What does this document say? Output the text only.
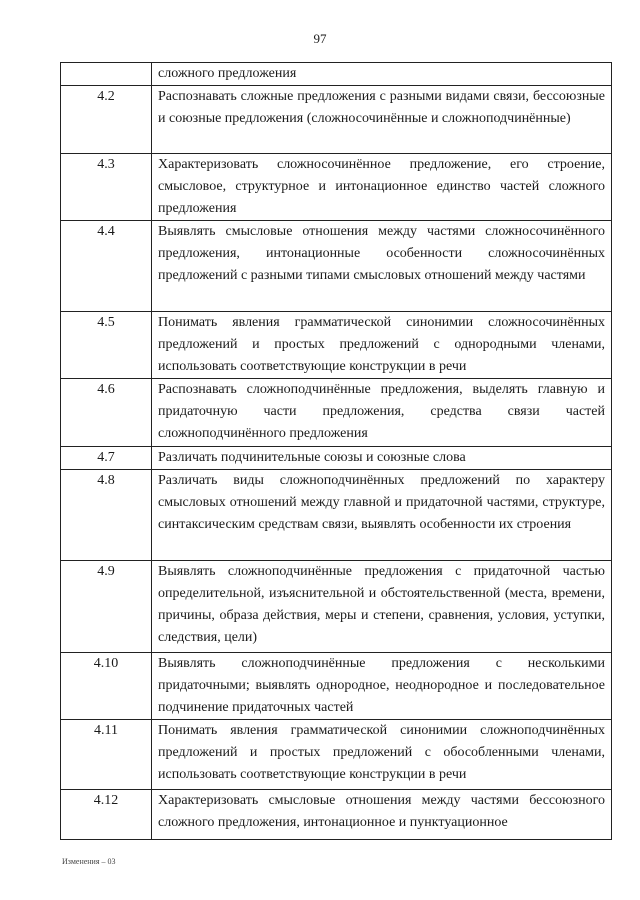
97
	сложного предложения
4.2	Распознавать сложные предложения с разными видами связи, бессоюзные и союзные предложения (сложносочинённые и сложноподчинённые)
4.3	Характеризовать сложносочинённое предложение, его строение, смысловое, структурное и интонационное единство частей сложного предложения
4.4	Выявлять смысловые отношения между частями сложносочинённого предложения, интонационные особенности сложносочинённых предложений с разными типами смысловых отношений между частями
4.5	Понимать явления грамматической синонимии сложносочинённых предложений и простых предложений с однородными членами, использовать соответствующие конструкции в речи
4.6	Распознавать сложноподчинённые предложения, выделять главную и придаточную части предложения, средства связи частей сложноподчинённого предложения
4.7	Различать подчинительные союзы и союзные слова
4.8	Различать виды сложноподчинённых предложений по характеру смысловых отношений между главной и придаточной частями, структуре, синтаксическим средствам связи, выявлять особенности их строения
4.9	Выявлять сложноподчинённые предложения с придаточной частью определительной, изъяснительной и обстоятельственной (места, времени, причины, образа действия, меры и степени, сравнения, условия, уступки, следствия, цели)
4.10	Выявлять сложноподчинённые предложения с несколькими придаточными; выявлять однородное, неоднородное и последовательное подчинение придаточных частей
4.11	Понимать явления грамматической синонимии сложноподчинённых предложений и простых предложений с обособленными членами, использовать соответствующие конструкции в речи
4.12	Характеризовать смысловые отношения между частями бессоюзного сложного предложения, интонационное и пунктуационное
Изменения – 03
